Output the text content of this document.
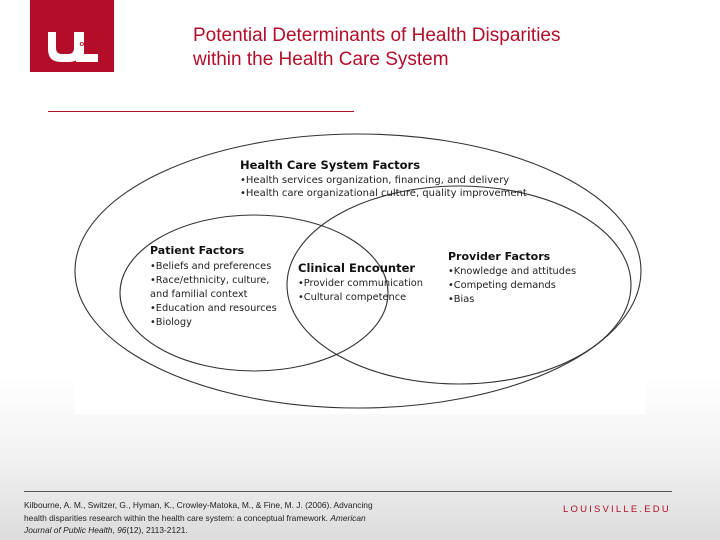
OF	Potential Determinants of Health Disparities
within the Health Care System
Health Care System Factors
•Health services organization, financing, and delivery
•Health care organizational culture, quality improvement
Patient Factors
•Beliefs and preferences
•Race/ethnicity, culture,
and familial context
•Education and resources
•Biology
Clinical Encounter
•Provider communication
•Cultural competence
Provider Factors
•Knowledge and attitudes
•Competing demands
•Bias
Kilbourne, A. M., Switzer, G., Hyman, K., Crowley-Matoka, M., & Fine, M. J. (2006). Advancing health disparities research within the health care system: a conceptual framework. American Journal of Public Health, 96(12), 2113-2121.
LOUISVILLE.EDU
